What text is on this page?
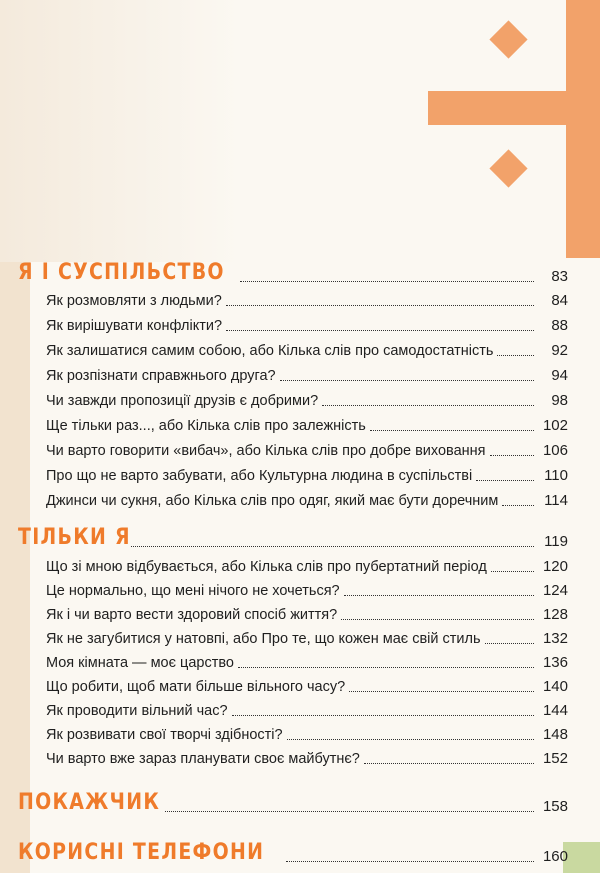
Я І СУСПІЛЬСТВО	83
Як розмовляти з людьми?	84
Як вирішувати конфлікти?	88
Як залишатися самим собою, або Кілька слів про самодостатність	92
Як розпізнати справжнього друга?	94
Чи завжди пропозиції друзів є добрими?	98
Ще тільки раз..., або Кілька слів про залежність	102
Чи варто говорити «вибач», або Кілька слів про добре виховання	106
Про що не варто забувати, або Культурна людина в суспільстві	110
Джинси чи сукня, або Кілька слів про одяг, який має бути доречним	114
ТІЛЬКИ Я	119
Що зі мною відбувається, або Кілька слів про пубертатний період	120
Це нормально, що мені нічого не хочеться?	124
Як і чи варто вести здоровий спосіб життя?	128
Як не загубитися у натовпі, або Про те, що кожен має свій стиль	132
Моя кімната — моє царство	136
Що робити, щоб мати більше вільного часу?	140
Як проводити вільний час?	144
Як розвивати свої творчі здібності?	148
Чи варто вже зараз планувати своє майбутнє?	152
ПОКАЖЧИК	158
КОРИСНІ ТЕЛЕФОНИ	160
